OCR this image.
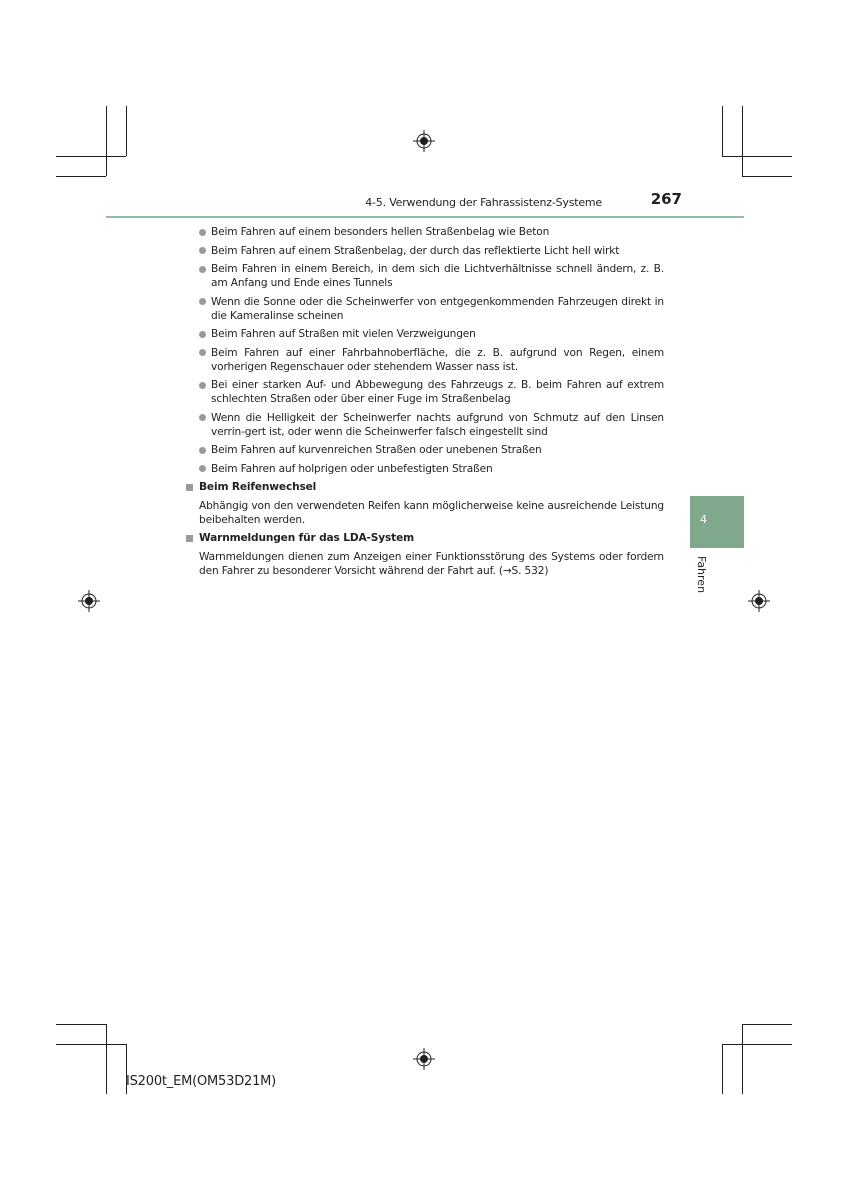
4-5. Verwendung der Fahrassistenz-Systeme	267
Beim Fahren auf einem besonders hellen Straßenbelag wie Beton
Beim Fahren auf einem Straßenbelag, der durch das reflektierte Licht hell wirkt
Beim Fahren in einem Bereich, in dem sich die Lichtverhältnisse schnell ändern, z. B. am Anfang und Ende eines Tunnels
Wenn die Sonne oder die Scheinwerfer von entgegenkommenden Fahrzeugen direkt in die Kameralinse scheinen
Beim Fahren auf Straßen mit vielen Verzweigungen
Beim Fahren auf einer Fahrbahnoberfläche, die z. B. aufgrund von Regen, einem vorherigen Regenschauer oder stehendem Wasser nass ist.
Bei einer starken Auf- und Abbewegung des Fahrzeugs z. B. beim Fahren auf extrem schlechten Straßen oder über einer Fuge im Straßenbelag
Wenn die Helligkeit der Scheinwerfer nachts aufgrund von Schmutz auf den Linsen verrin-gert ist, oder wenn die Scheinwerfer falsch eingestellt sind
Beim Fahren auf kurvenreichen Straßen oder unebenen Straßen
Beim Fahren auf holprigen oder unbefestigten Straßen
Beim Reifenwechsel
Abhängig von den verwendeten Reifen kann möglicherweise keine ausreichende Leistung beibehalten werden.
Warnmeldungen für das LDA-System
Warnmeldungen dienen zum Anzeigen einer Funktionsstörung des Systems oder fordern den Fahrer zu besonderer Vorsicht während der Fahrt auf. (→S. 532)
4
Fahren
IS200t_EM(OM53D21M)
